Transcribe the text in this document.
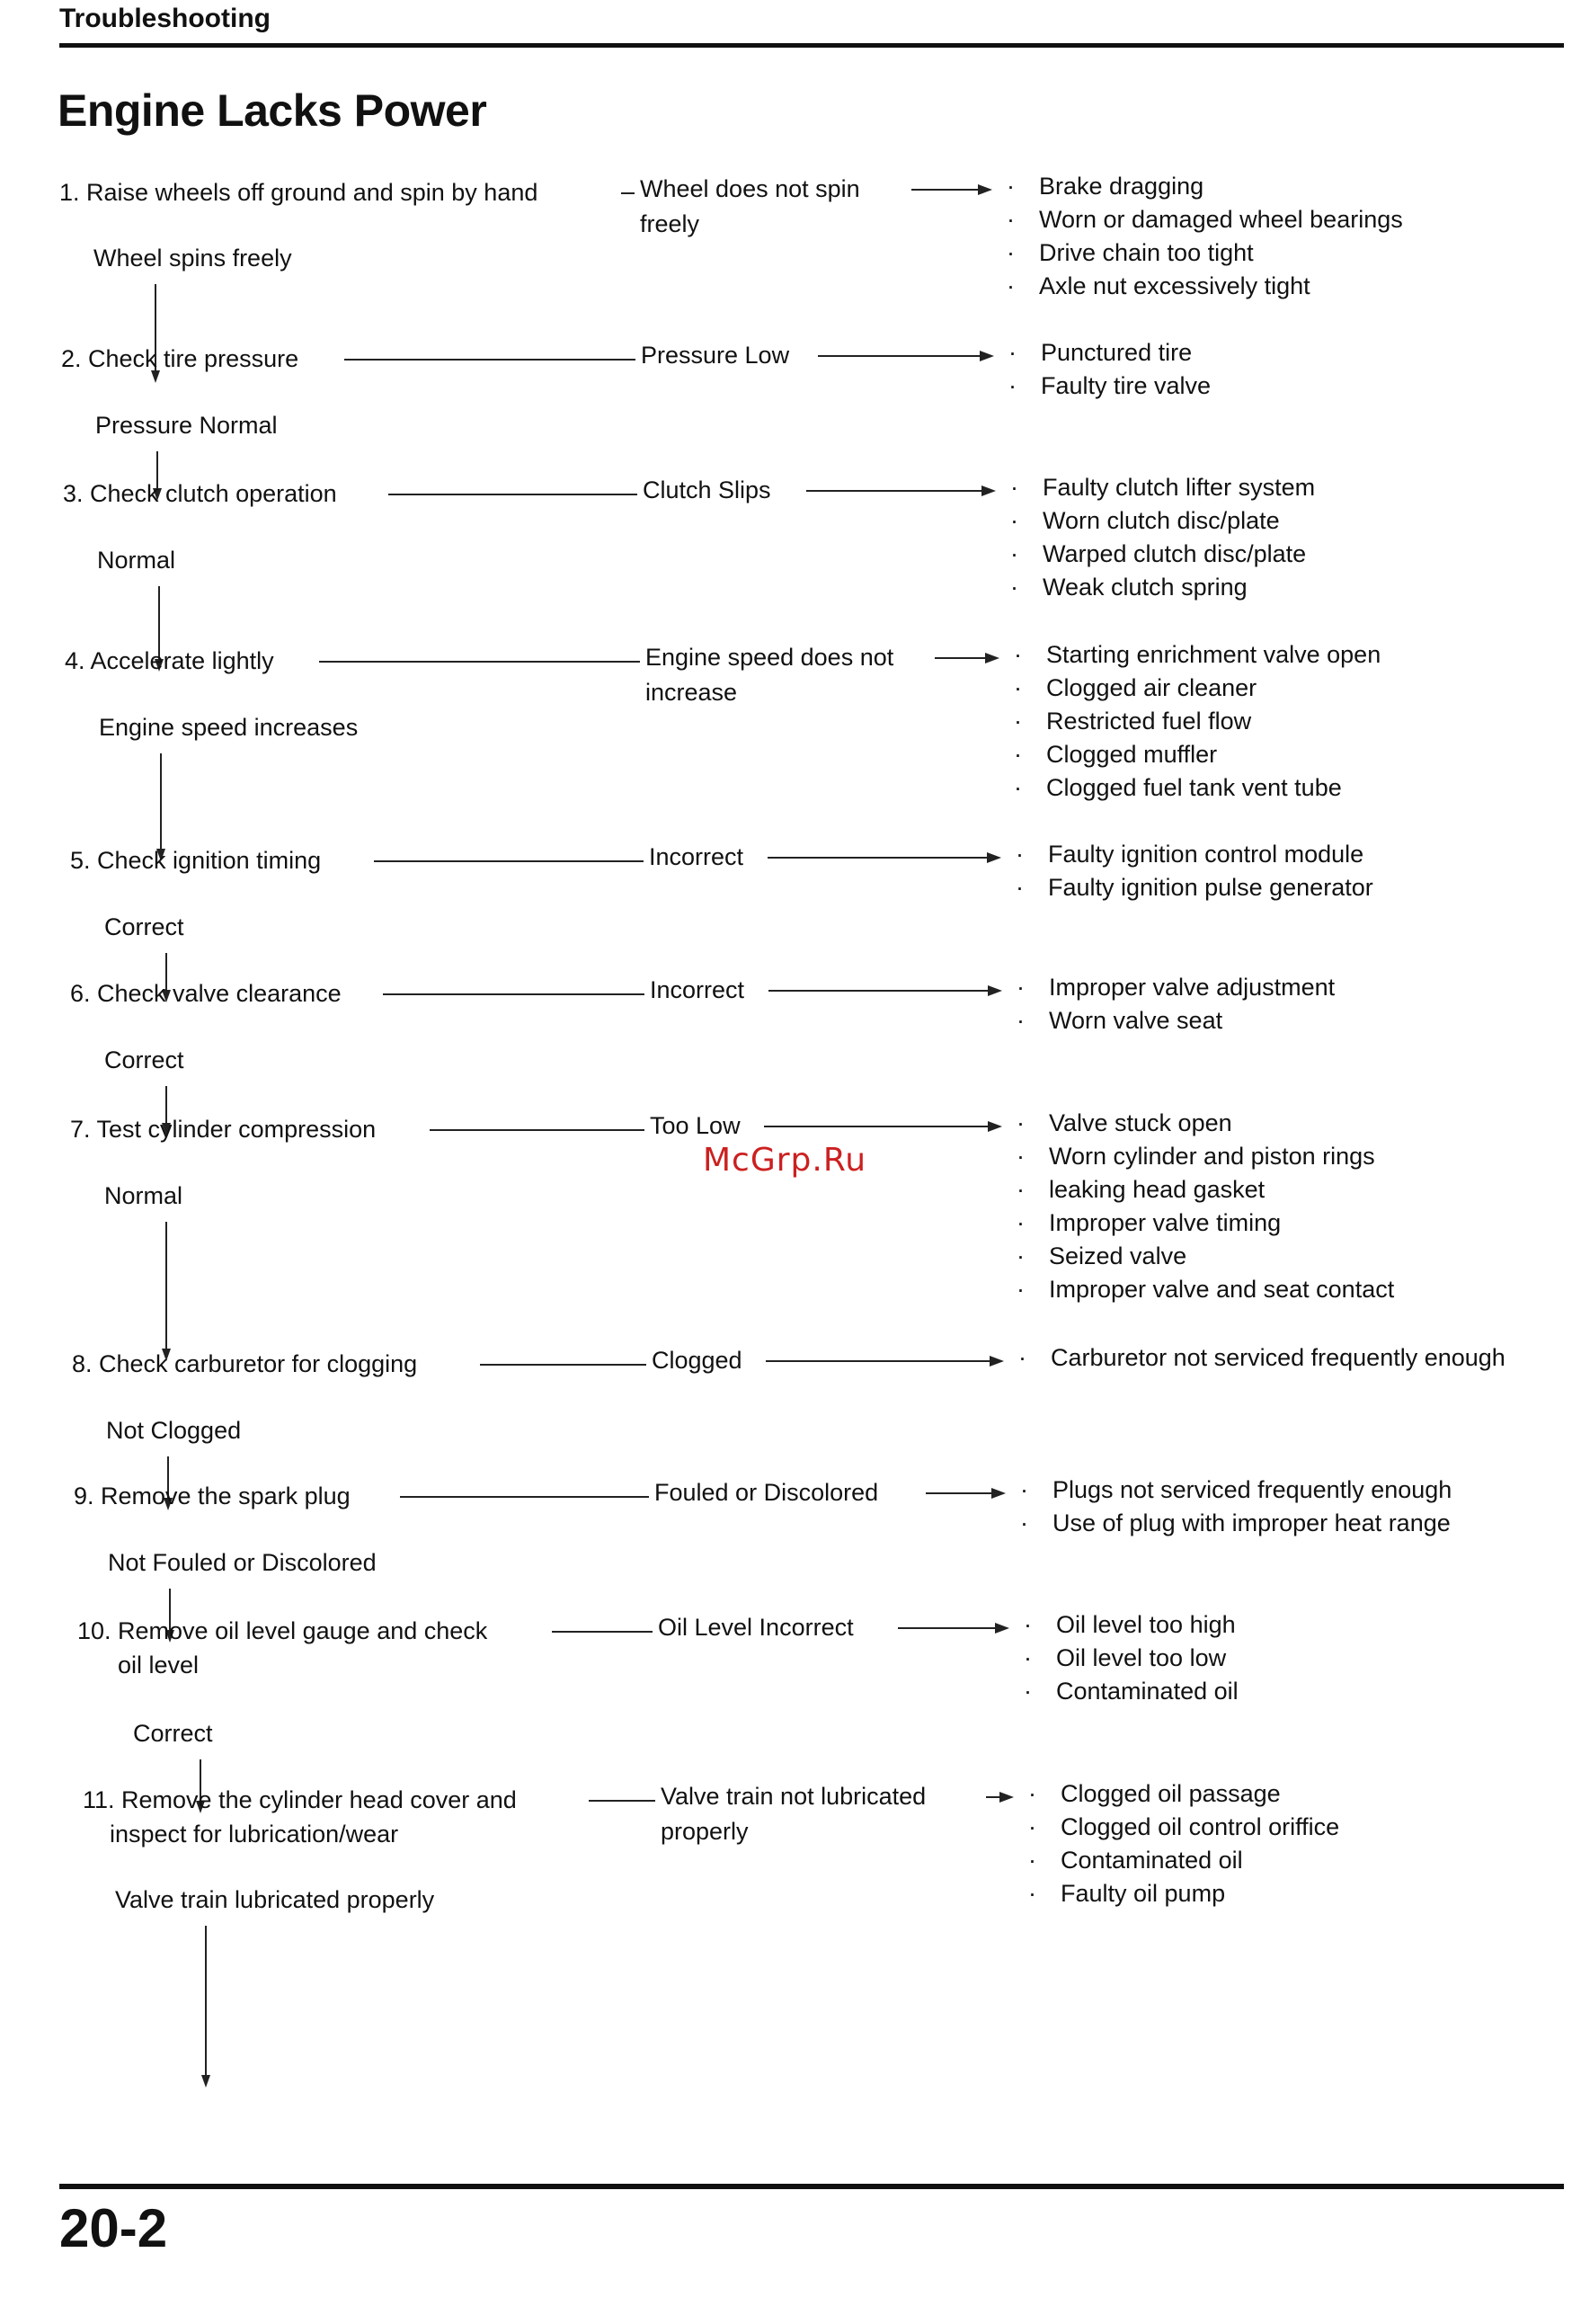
Troubleshooting
Engine Lacks Power
1. Raise wheels off ground and spin by hand	Wheel does not spin
freely
· Brake dragging
· Worn or damaged wheel bearings
· Drive chain too tight
· Axle nut excessively tight
Wheel spins freely
2. Check tire pressure	Pressure Low	· Punctured tire
· Faulty tire valve
Pressure Normal
3. Check clutch operation	Clutch Slips	· Faulty clutch lifter system
· Worn clutch disc/plate
· Warped clutch disc/plate
· Weak clutch spring
Normal
4. Accelerate lightly	Engine speed does not
increase
· Starting enrichment valve open
· Clogged air cleaner
· Restricted fuel flow
· Clogged muffler
· Clogged fuel tank vent tube
Engine speed increases
5. Check ignition timing	Incorrect	· Faulty ignition control module
· Faulty ignition pulse generator
Correct
6. Check valve clearance	Incorrect	· Improper valve adjustment
· Worn valve seat
Correct
7. Test cylinder compression	Too Low	· Valve stuck open
· Worn cylinder and piston rings
· leaking head gasket
· Improper valve timing
· Seized valve
· Improper valve and seat contact
Normal
8. Check carburetor for clogging	Clogged	· Carburetor not serviced frequently enough
Not Clogged
9. Remove the spark plug	Fouled or Discolored	· Plugs not serviced frequently enough
· Use of plug with improper heat range
Not Fouled or Discolored
10. Remove oil level gauge and check
oil level
Oil Level Incorrect	· Oil level too high
· Oil level too low
· Contaminated oil
Correct
11. Remove the cylinder head cover and
inspect for lubrication/wear
Valve train not lubricated
properly
· Clogged oil passage
· Clogged oil control oriffice
· Contaminated oil
· Faulty oil pump
Valve train lubricated properly
McGrp.Ru
20-2
